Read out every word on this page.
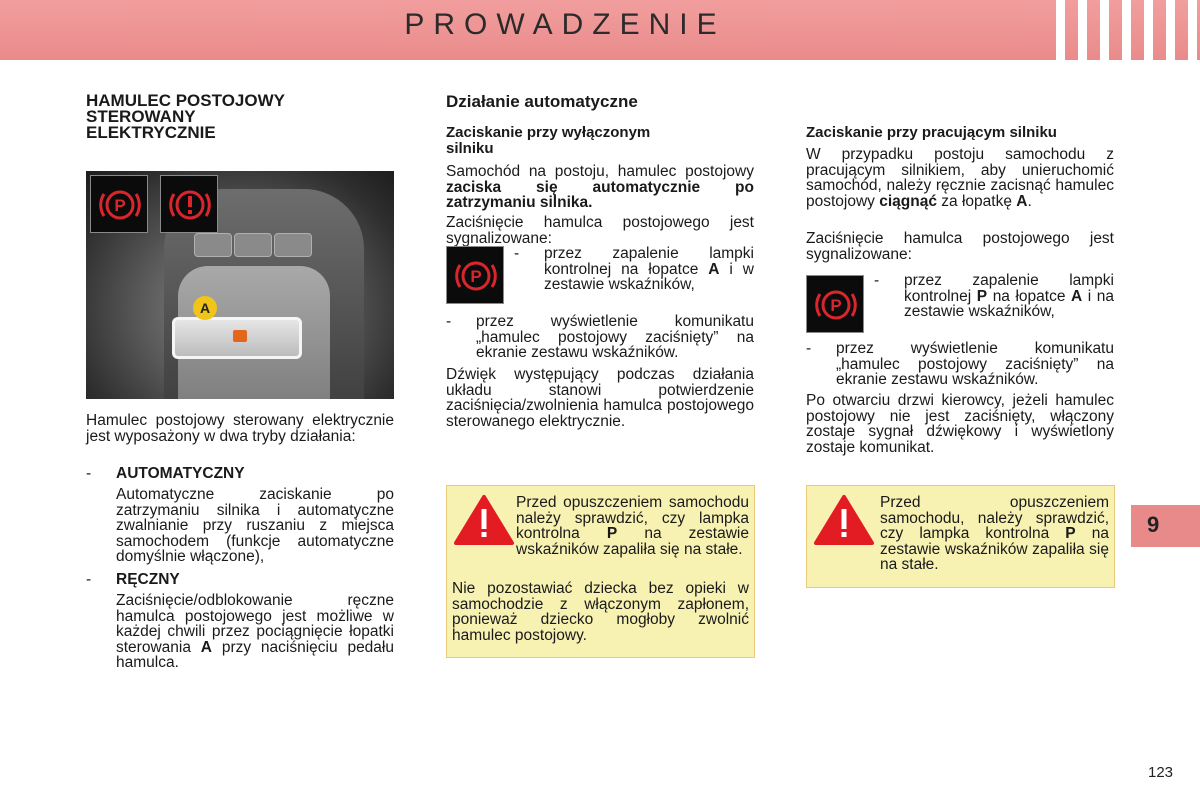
PROWADZENIE
HAMULEC POSTOJOWY
STEROWANY
ELEKTRYCZNIE
A
P

Hamulec postojowy sterowany elektrycznie jest wyposażony w dwa tryby działania:

- AUTOMATYCZNY

Automatyczne zaciskanie po zatrzymaniu silnika i automatyczne zwalnianie przy ruszaniu z miejsca samochodem (funkcje automatyczne domyślnie włączone),

- RĘCZNY

Zaciśnięcie/odblokowanie ręczne hamulca postojowego jest możliwe w każdej chwili przez pociągnięcie łopatki sterowania A przy naciśnięciu pedału hamulca.

Działanie automatyczne
Zaciskanie przy wyłączonym
silniku

Samochód na postoju, hamulec postojowy zaciska się automatycznie po zatrzymaniu silnika.

Zaciśnięcie hamulca postojowego jest sygnalizowane:

P
- przez zapalenie lampki kontrolnej na łopatce A i w zestawie wskaźników,

- przez wyświetlenie komunikatu „hamulec postojowy zaciśnięty” na ekranie zestawu wskaźników.

Dźwięk występujący podczas działania układu stanowi potwierdzenie zaciśnięcia/zwolnienia hamulca postojowego sterowanego elektrycznie.

Przed opuszczeniem samochodu należy sprawdzić, czy lampka kontrolna P na zestawie wskaźników zapaliła się na stałe.

Nie pozostawiać dziecka bez opieki w samochodzie z włączonym zapłonem, ponieważ dziecko mogłoby zwolnić hamulec postojowy.

Zaciskanie przy pracującym silniku

W przypadku postoju samochodu z pracującym silnikiem, aby unieruchomić samochód, należy ręcznie zacisnąć hamulec postojowy ciągnąć za łopatkę A.

Zaciśnięcie hamulca postojowego jest sygnalizowane:

P
- przez zapalenie lampki kontrolnej P na łopatce A i na zestawie wskaźników,

- przez wyświetlenie komunikatu „hamulec postojowy zaciśnięty” na ekranie zestawu wskaźników.

Po otwarciu drzwi kierowcy, jeżeli hamulec postojowy nie jest zaciśnięty, włączony zostaje sygnał dźwiękowy i wyświetlony zostaje komunikat.

Przed opuszczeniem samochodu, należy sprawdzić, czy lampka kontrolna P na zestawie wskaźników zapaliła się na stałe.

9
123
